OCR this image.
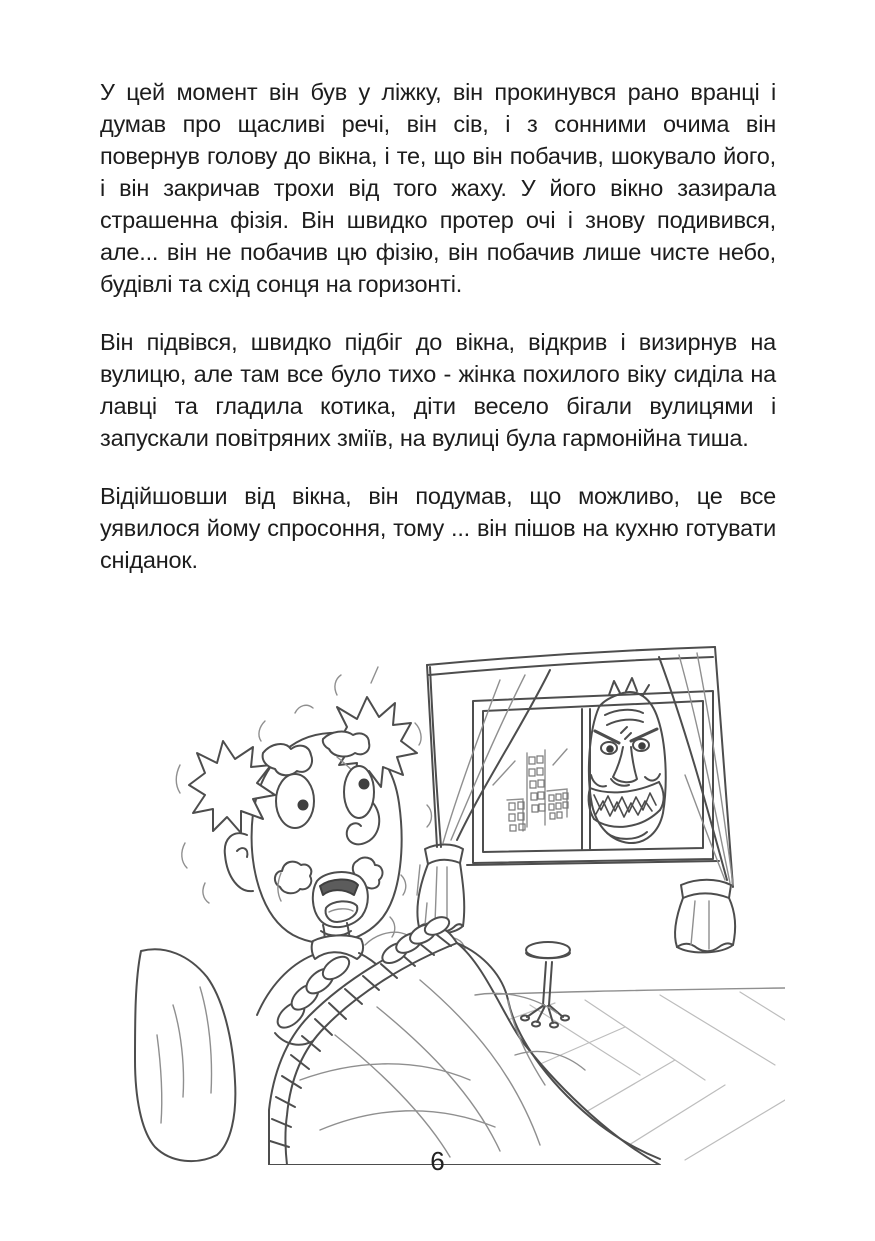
У цей момент він був у ліжку, він прокинувся рано вранці і думав про щасливі речі, він сів, і з сонними очима він повернув голову до вікна, і те, що він побачив, шокувало його, і він закричав трохи від того жаху. У його вікно зазирала страшенна фізія. Він швидко протер очі і знову подивився, але... він не побачив цю фізію, він побачив лише чисте небо, будівлі та схід сонця на горизонті.

Він підвівся, швидко підбіг до вікна, відкрив і визирнув на вулицю, але там все було тихо - жінка похилого віку сиділа на лавці та гладила котика, діти весело бігали вулицями і запускали повітряних зміїв, на вулиці була гармонійна тиша.

Відійшовши від вікна, він подумав, що можливо, це все уявилося йому спросоння, тому ... він пішов на кухню готувати сніданок.

6
